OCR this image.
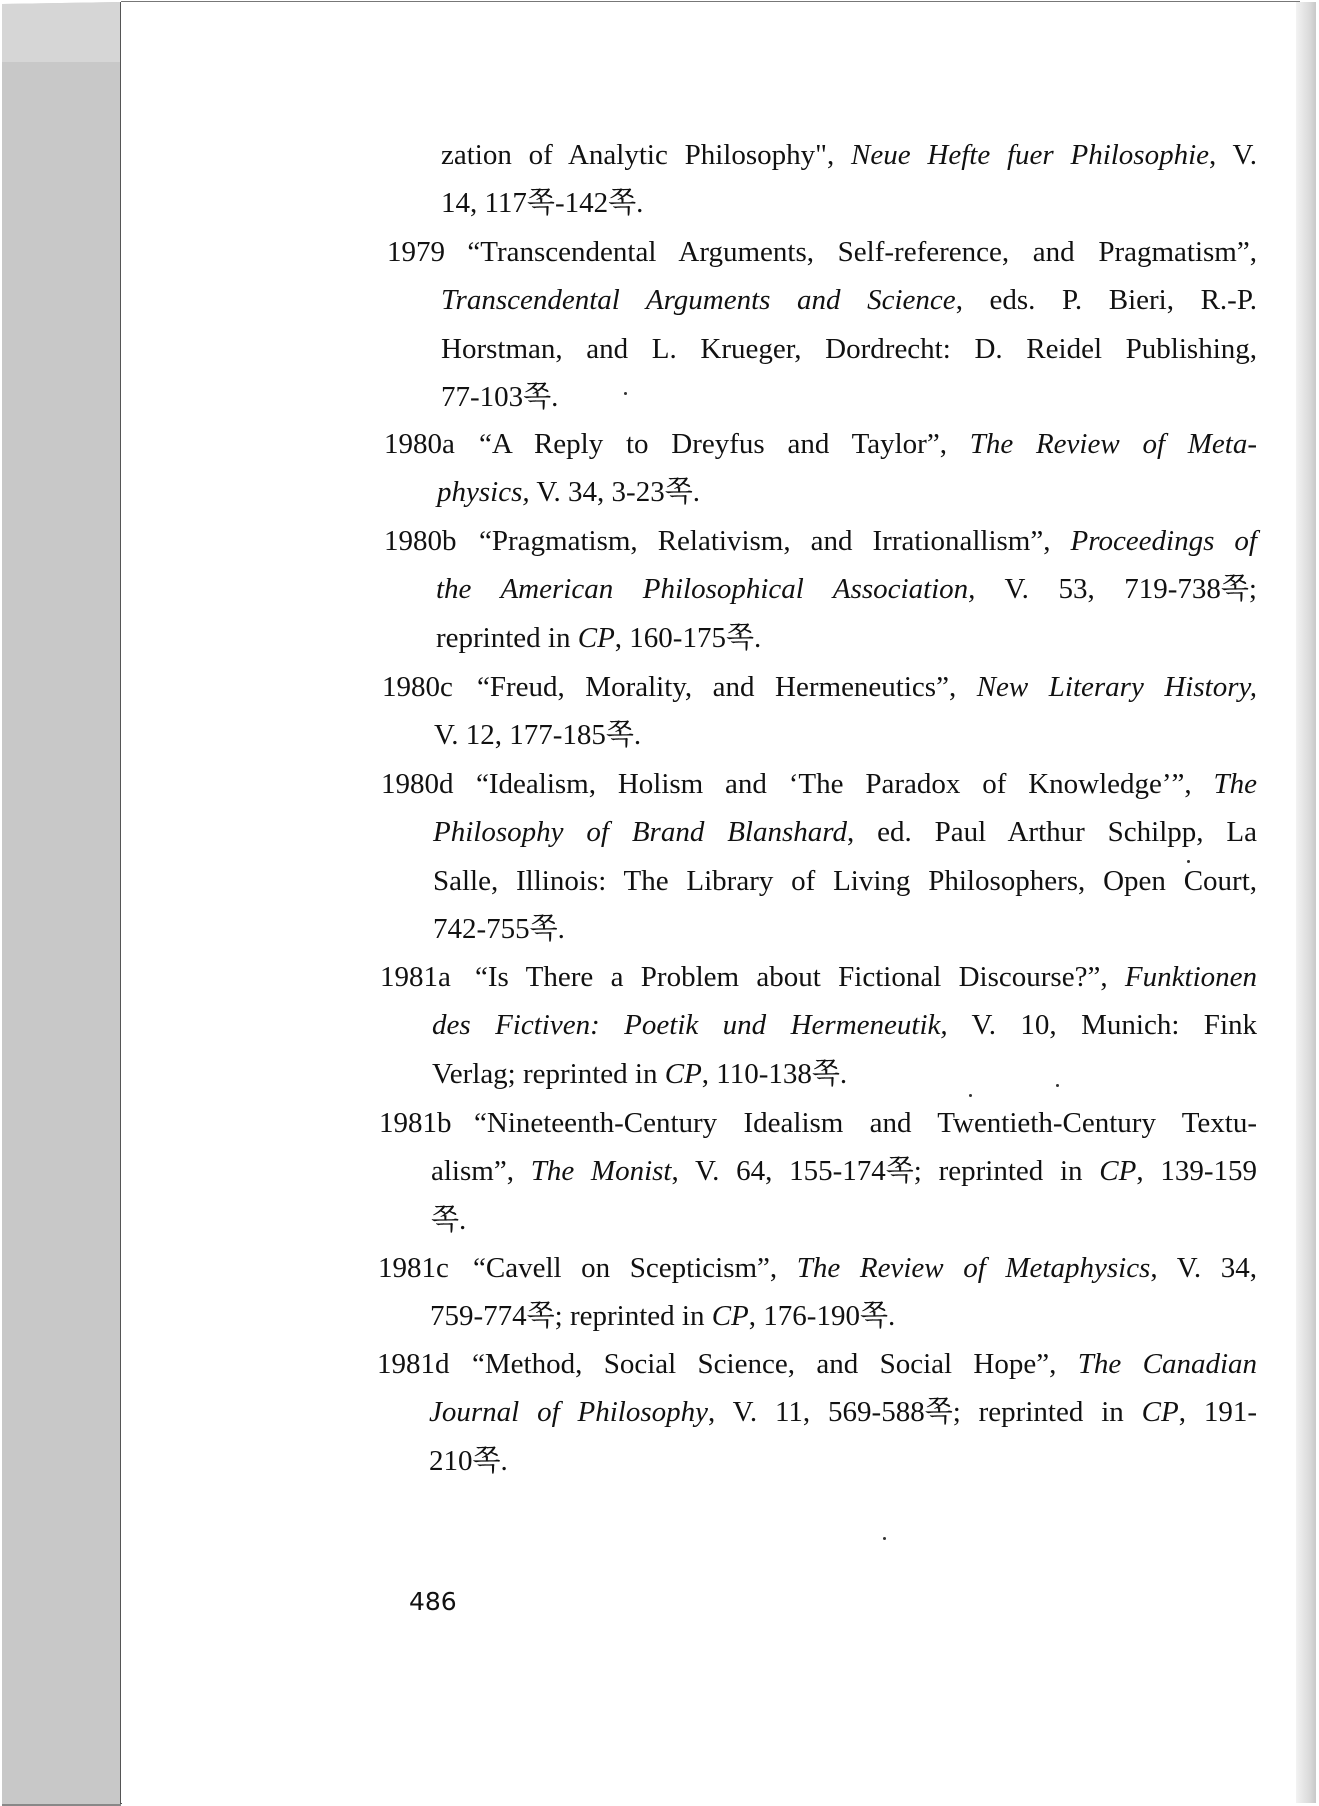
zation of Analytic Philosophy", Neue Hefte fuer Philosophie, V.
14, 117쪽-142쪽.
1979 “Transcendental Arguments, Self-reference, and Pragmatism”,
Transcendental Arguments and Science, eds. P. Bieri, R.-P.
Horstman, and L. Krueger, Dordrecht: D. Reidel Publishing,
77-103쪽.
1980a “A Reply to Dreyfus and Taylor”, The Review of Meta-
physics, V. 34, 3-23쪽.
1980b “Pragmatism, Relativism, and Irrationallism”, Proceedings of
the American Philosophical Association, V. 53, 719-738쪽;
reprinted in CP, 160-175쪽.
1980c “Freud, Morality, and Hermeneutics”, New Literary History,
V. 12, 177-185쪽.
1980d “Idealism, Holism and ‘The Paradox of Knowledge’”, The
Philosophy of Brand Blanshard, ed. Paul Arthur Schilpp, La
Salle, Illinois: The Library of Living Philosophers, Open Court,
742-755쪽.
1981a “Is There a Problem about Fictional Discourse?”, Funktionen
des Fictiven: Poetik und Hermeneutik, V. 10, Munich: Fink
Verlag; reprinted in CP, 110-138쪽.
1981b “Nineteenth-Century Idealism and Twentieth-Century Textu-
alism”, The Monist, V. 64, 155-174쪽; reprinted in CP, 139-159
쪽.
1981c “Cavell on Scepticism”, The Review of Metaphysics, V. 34,
759-774쪽; reprinted in CP, 176-190쪽.
1981d “Method, Social Science, and Social Hope”, The Canadian
Journal of Philosophy, V. 11, 569-588쪽; reprinted in CP, 191-
210쪽.
486
